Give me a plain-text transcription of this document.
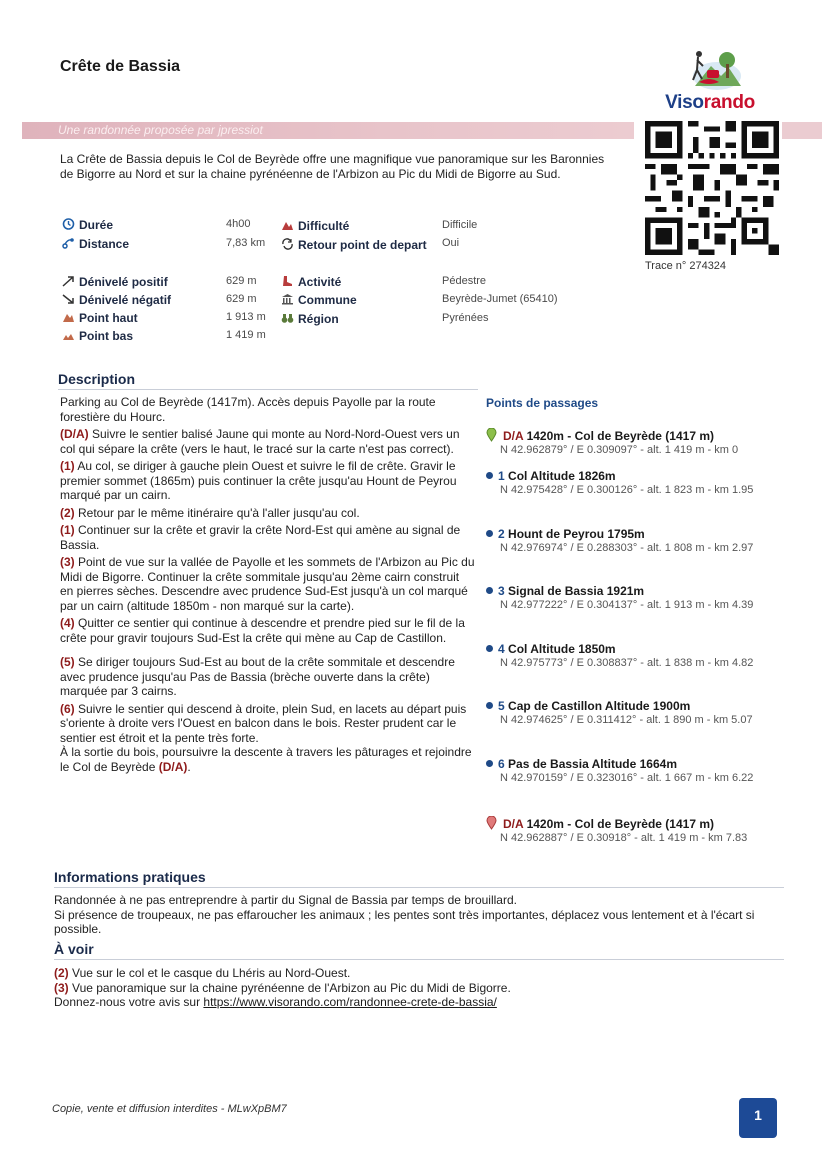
Crête de Bassia
Visorando
Une randonnée proposée par jpressiot
Trace n° 274324
La Crête de Bassia depuis le Col de Beyrède offre une magnifique vue panoramique sur les Baronnies de Bigorre au Nord et sur la chaine pyrénéenne de l'Arbizon au Pic du Midi de Bigorre au Sud.
Durée	4h00
Distance	7,83 km
Dénivelé positif	629 m
Dénivelé négatif	629 m
Point haut	1 913 m
Point bas	1 419 m
Difficulté	Difficile
Retour point de depart	Oui
Activité	Pédestre
Commune	Beyrède-Jumet (65410)
Région	Pyrénées
Description

Parking au Col de Beyrède (1417m). Accès depuis Payolle par la route forestière du Hourc.

(D/A) Suivre le sentier balisé Jaune qui monte au Nord-Nord-Ouest vers un col qui sépare la crête (vers le haut, le tracé sur la carte n'est pas correct).

(1) Au col, se diriger à gauche plein Ouest et suivre le fil de crête. Gravir le premier sommet (1865m) puis continuer la crête jusqu'au Hount de Peyrou marqué par un cairn.

(2) Retour par le même itinéraire qu'à l'aller jusqu'au col.

(1) Continuer sur la crête et gravir la crête Nord-Est qui amène au signal de Bassia.

(3) Point de vue sur la vallée de Payolle et les sommets de l'Arbizon au Pic du Midi de Bigorre. Continuer la crête sommitale jusqu'au 2ème cairn construit en pierres sèches. Descendre avec prudence Sud-Est jusqu'à un col marqué par un cairn (altitude 1850m - non marqué sur la carte).

(4) Quitter ce sentier qui continue à descendre et prendre pied sur le fil de la crête pour gravir toujours Sud-Est la crête qui mène au Cap de Castillon.

(5) Se diriger toujours Sud-Est au bout de la crête sommitale et descendre avec prudence jusqu'au Pas de Bassia (brèche ouverte dans la crête) marquée par 3 cairns.

(6) Suivre le sentier qui descend à droite, plein Sud, en lacets au départ puis s'oriente à droite vers l'Ouest en balcon dans le bois. Rester prudent car le sentier est étroit et la pente très forte.

À la sortie du bois, poursuivre la descente à travers les pâturages et rejoindre le Col de Beyrède (D/A).

Points de passages
D/A 1420m - Col de Beyrède (1417 m)
N 42.962879° / E 0.309097° - alt. 1 419 m - km 0
1 Col Altitude 1826m
N 42.975428° / E 0.300126° - alt. 1 823 m - km 1.95
2 Hount de Peyrou 1795m
N 42.976974° / E 0.288303° - alt. 1 808 m - km 2.97
3 Signal de Bassia 1921m
N 42.977222° / E 0.304137° - alt. 1 913 m - km 4.39
4 Col Altitude 1850m
N 42.975773° / E 0.308837° - alt. 1 838 m - km 4.82
5 Cap de Castillon Altitude 1900m
N 42.974625° / E 0.311412° - alt. 1 890 m - km 5.07
6 Pas de Bassia Altitude 1664m
N 42.970159° / E 0.323016° - alt. 1 667 m - km 6.22
D/A 1420m - Col de Beyrède (1417 m)
N 42.962887° / E 0.30918° - alt. 1 419 m - km 7.83
Informations pratiques
Randonnée à ne pas entreprendre à partir du Signal de Bassia par temps de brouillard.
Si présence de troupeaux, ne pas effaroucher les animaux ; les pentes sont très importantes, déplacez vous lentement et à l'écart si possible.
À voir

(2) Vue sur le col et le casque du Lhéris au Nord-Ouest.

(3) Vue panoramique sur la chaine pyrénéenne de l'Arbizon au Pic du Midi de Bigorre.

Donnez-nous votre avis sur https://www.visorando.com/randonnee-crete-de-bassia/

Copie, vente et diffusion interdites - MLwXpBM7	1
